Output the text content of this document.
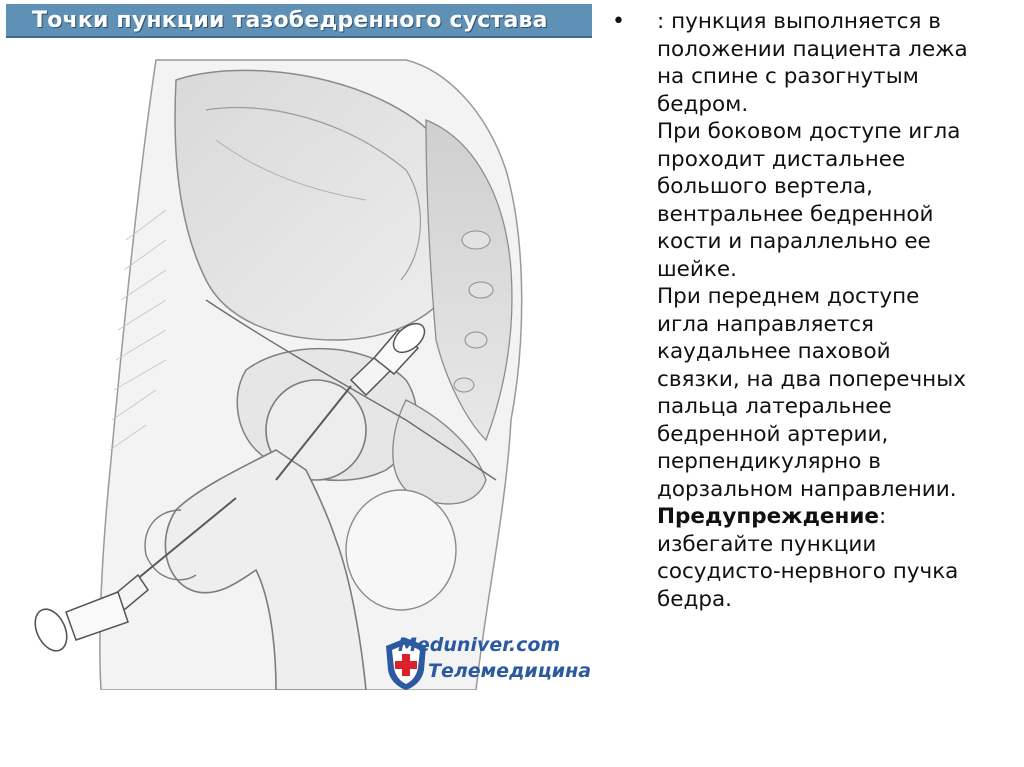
Точки пункции тазобедренного сустава
Meduniver.com
Телемедицина
• : пункция выполняется в
положении пациента лежа
на спине с разогнутым
бедром.
При боковом доступе игла
проходит дистальнее
большого вертела,
вентральнее бедренной
кости и параллельно ее
шейке.
При переднем доступе
игла направляется
каудальнее паховой
связки, на два поперечных
пальца латеральнее
бедренной артерии,
перпендикулярно в
дорзальном направлении.
Предупреждение:
избегайте пункции
сосудисто-нервного пучка
бедра.
